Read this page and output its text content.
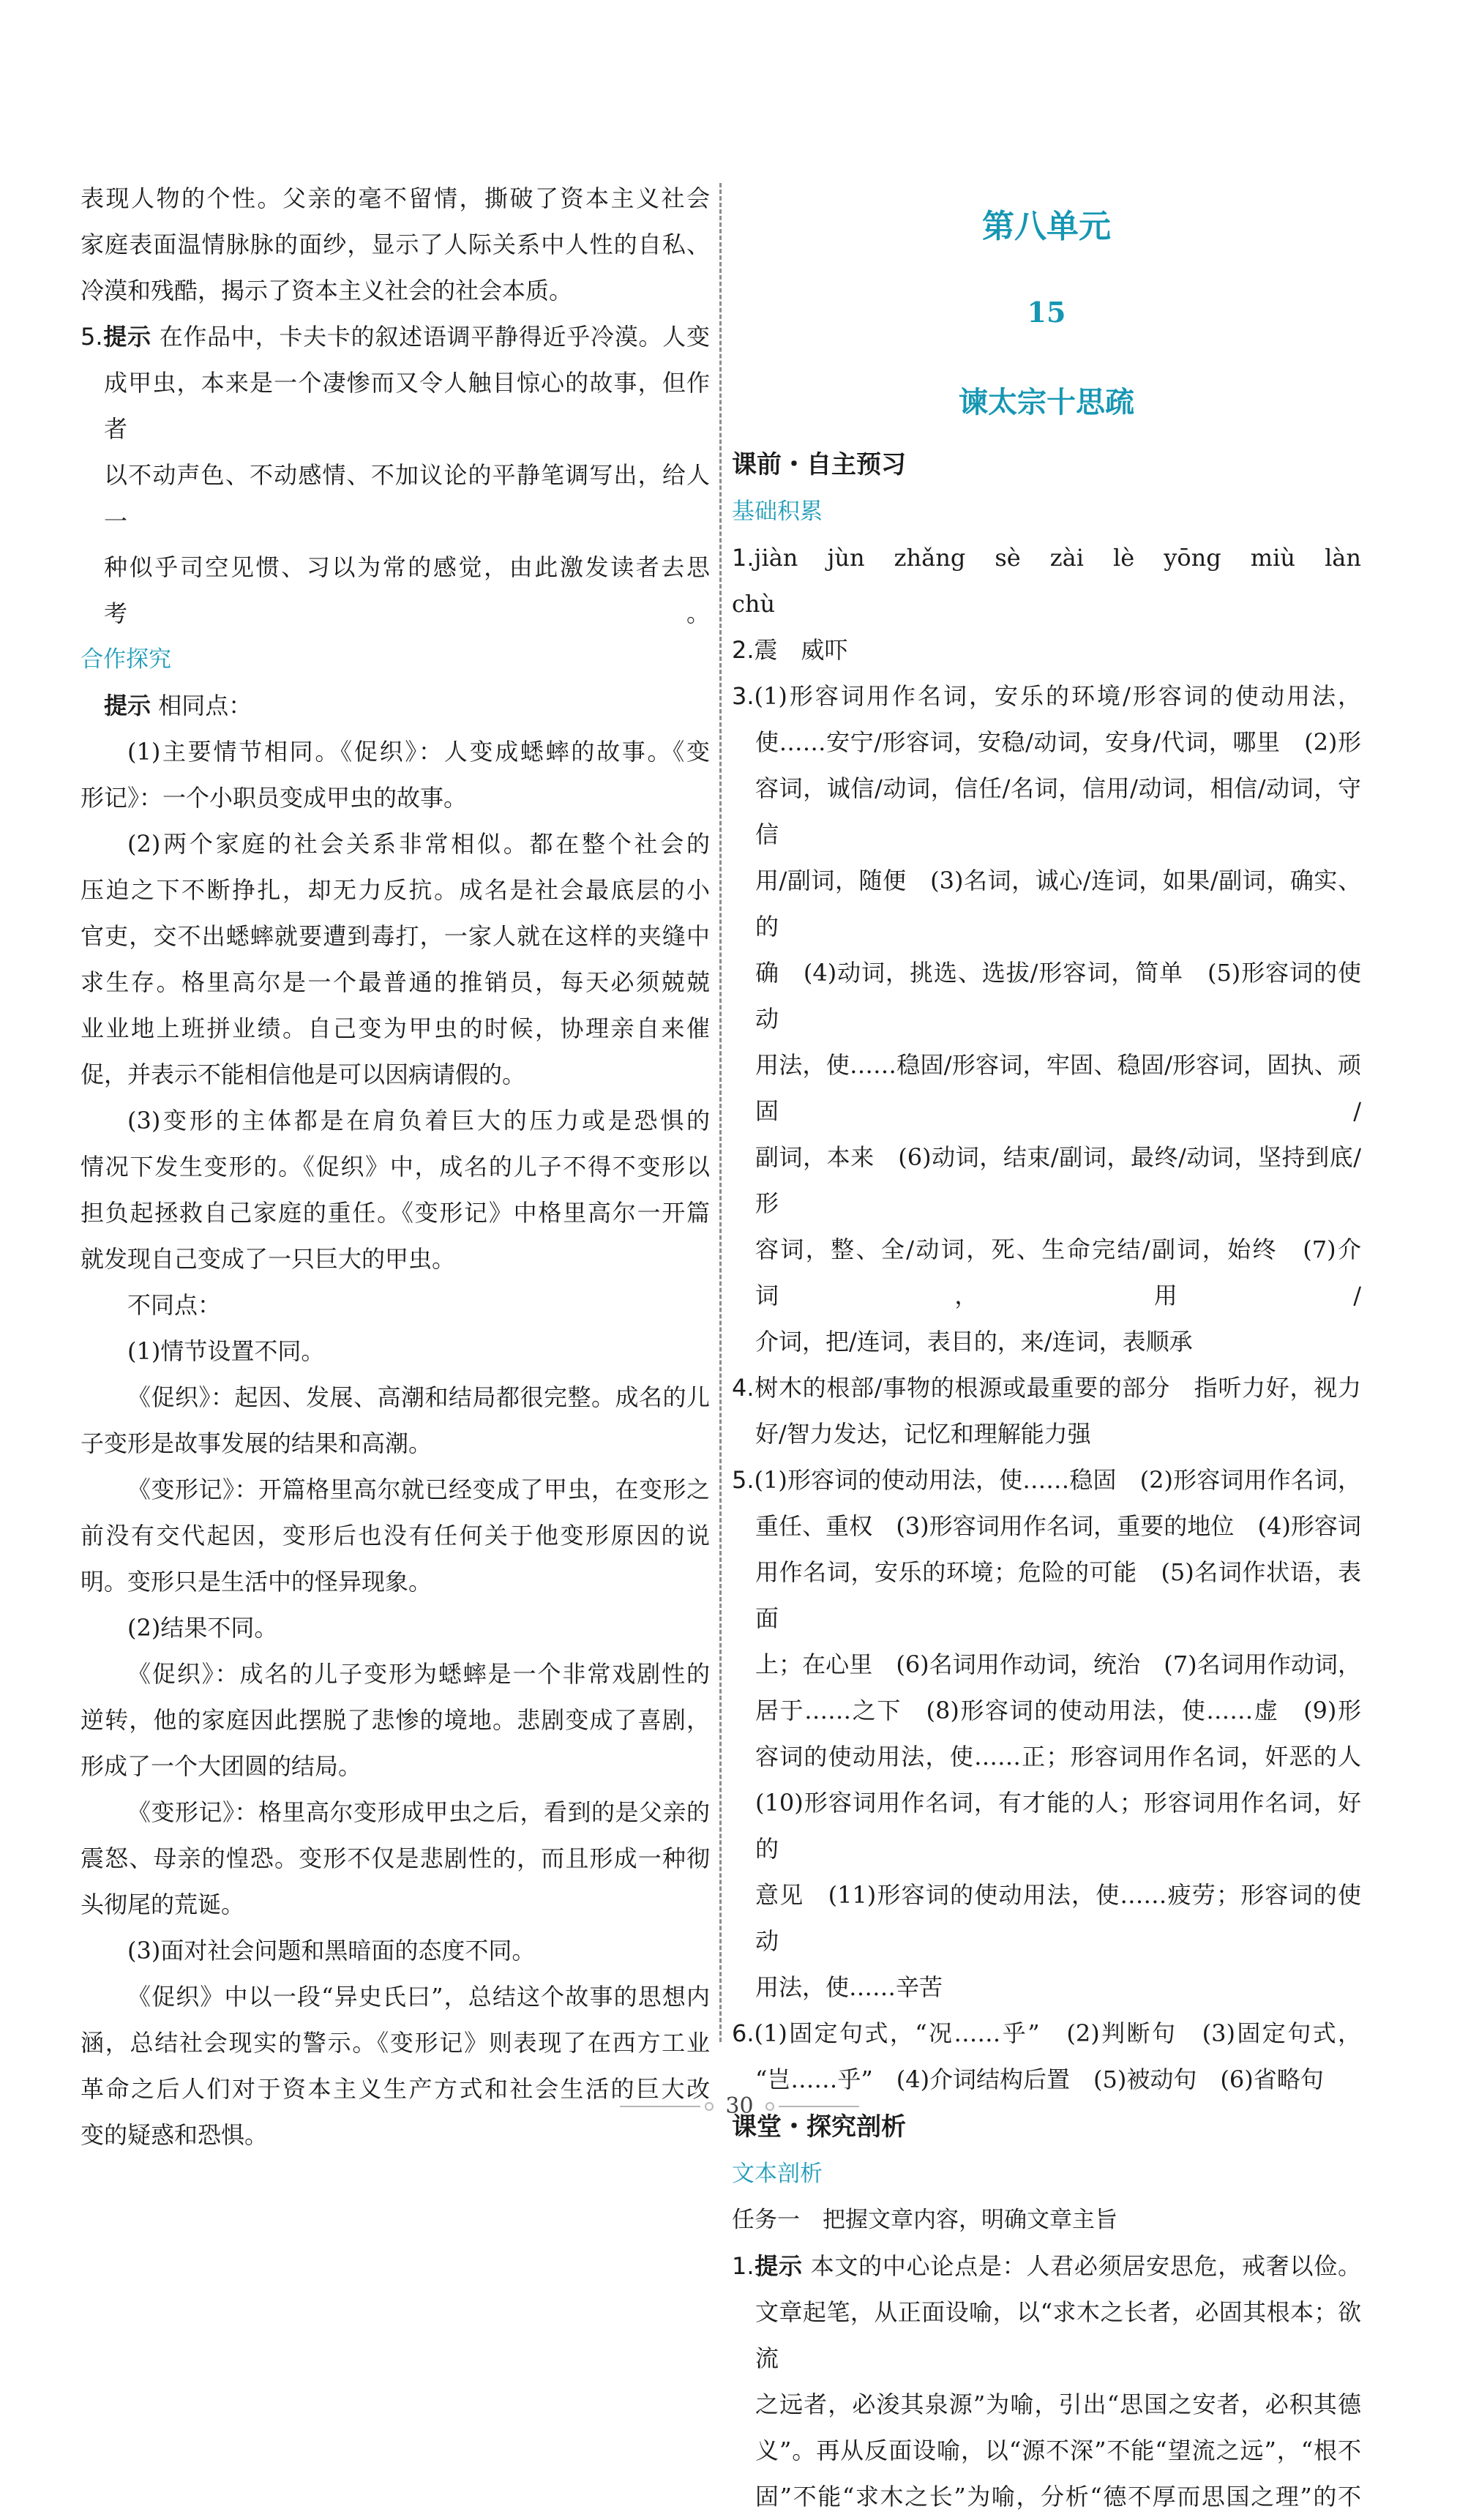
表现人物的个性。父亲的毫不留情，撕破了资本主义社会

家庭表面温情脉脉的面纱，显示了人际关系中人性的自私、

冷漠和残酷，揭示了资本主义社会的社会本质。

5.提示 在作品中，卡夫卡的叙述语调平静得近乎冷漠。人变

成甲虫，本来是一个凄惨而又令人触目惊心的故事，但作者

以不动声色、不动感情、不加议论的平静笔调写出，给人一

种似乎司空见惯、习以为常的感觉，由此激发读者去思考。

合作探究

提示 相同点：

(1)主要情节相同。《促织》：人变成蟋蟀的故事。《变

形记》：一个小职员变成甲虫的故事。

(2)两个家庭的社会关系非常相似。都在整个社会的

压迫之下不断挣扎，却无力反抗。成名是社会最底层的小

官吏，交不出蟋蟀就要遭到毒打，一家人就在这样的夹缝中

求生存。格里高尔是一个最普通的推销员，每天必须兢兢

业业地上班拼业绩。自己变为甲虫的时候，协理亲自来催

促，并表示不能相信他是可以因病请假的。

(3)变形的主体都是在肩负着巨大的压力或是恐惧的

情况下发生变形的。《促织》中，成名的儿子不得不变形以

担负起拯救自己家庭的重任。《变形记》中格里高尔一开篇

就发现自己变成了一只巨大的甲虫。

不同点：

(1)情节设置不同。

《促织》：起因、发展、高潮和结局都很完整。成名的儿

子变形是故事发展的结果和高潮。

《变形记》：开篇格里高尔就已经变成了甲虫，在变形之

前没有交代起因，变形后也没有任何关于他变形原因的说

明。变形只是生活中的怪异现象。

(2)结果不同。

《促织》：成名的儿子变形为蟋蟀是一个非常戏剧性的

逆转，他的家庭因此摆脱了悲惨的境地。悲剧变成了喜剧，

形成了一个大团圆的结局。

《变形记》：格里高尔变形成甲虫之后，看到的是父亲的

震怒、母亲的惶恐。变形不仅是悲剧性的，而且形成一种彻

头彻尾的荒诞。

(3)面对社会问题和黑暗面的态度不同。

《促织》中以一段“异史氏曰”，总结这个故事的思想内

涵，总结社会现实的警示。《变形记》则表现了在西方工业

革命之后人们对于资本主义生产方式和社会生活的巨大改

变的疑惑和恐惧。

第八单元
15
谏太宗十思疏

课前・自主预习

基础积累

1.jiàn　jùn　zhǎng　sè　zài　lè　yōng　miù　làn　chù

2.震　威吓

3.(1)形容词用作名词，安乐的环境/形容词的使动用法，

使……安宁/形容词，安稳/动词，安身/代词，哪里　(2)形

容词，诚信/动词，信任/名词，信用/动词，相信/动词，守信

用/副词，随便　(3)名词，诚心/连词，如果/副词，确实、的

确　(4)动词，挑选、选拔/形容词，简单　(5)形容词的使动

用法，使……稳固/形容词，牢固、稳固/形容词，固执、顽固/

副词，本来　(6)动词，结束/副词，最终/动词，坚持到底/形

容词，整、全/动词，死、生命完结/副词，始终　(7)介词，用/

介词，把/连词，表目的，来/连词，表顺承

4.树木的根部/事物的根源或最重要的部分　指听力好，视力

好/智力发达，记忆和理解能力强

5.(1)形容词的使动用法，使……稳固　(2)形容词用作名词，

重任、重权　(3)形容词用作名词，重要的地位　(4)形容词

用作名词，安乐的环境；危险的可能　(5)名词作状语，表面

上；在心里　(6)名词用作动词，统治　(7)名词用作动词，

居于……之下　(8)形容词的使动用法，使……虚　(9)形

容词的使动用法，使……正；形容词用作名词，奸恶的人

(10)形容词用作名词，有才能的人；形容词用作名词，好的

意见　(11)形容词的使动用法，使……疲劳；形容词的使动

用法，使……辛苦

6.(1)固定句式，“况……乎”　(2)判断句　(3)固定句式，

“岂……乎”　(4)介词结构后置　(5)被动句　(6)省略句

课堂・探究剖析

文本剖析

任务一　把握文章内容，明确文章主旨

1.提示 本文的中心论点是：人君必须居安思危，戒奢以俭。

文章起笔，从正面设喻，以“求木之长者，必固其根本；欲流

之远者，必浚其泉源”为喻，引出“思国之安者，必积其德

义”。再从反面设喻，以“源不深”不能“望流之远”，“根不

固”不能“求木之长”为喻，分析“德不厚而思国之理”的不

30
